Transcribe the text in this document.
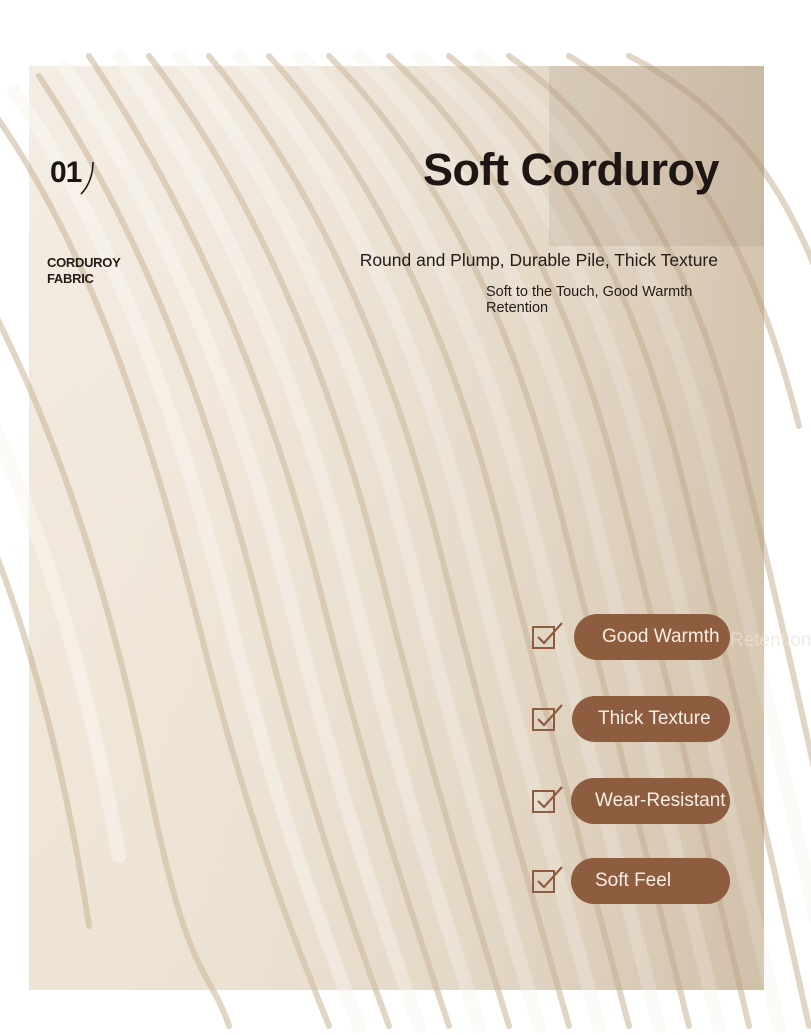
01
CORDUROY
FABRIC
Soft Corduroy
Round and Plump, Durable Pile, Thick Texture
Soft to the Touch, Good Warmth Retention
Good Warmth
Thick Texture
Wear-Resistant
Soft Feel
Retention
